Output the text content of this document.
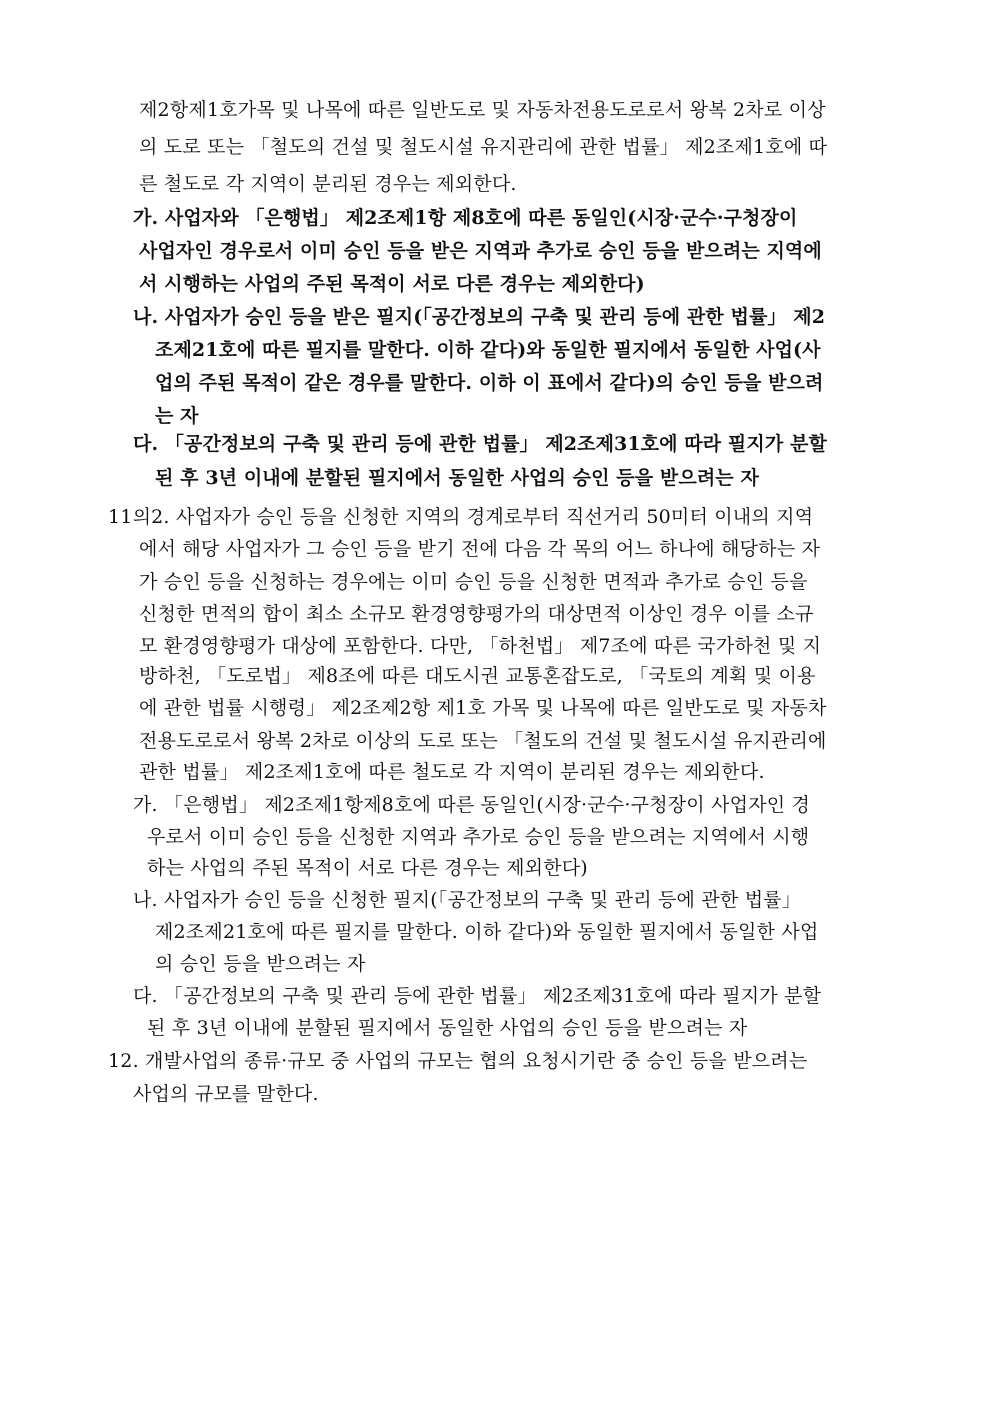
제2항제1호가목 및 나목에 따른 일반도로 및 자동차전용도로로서 왕복 2차로 이상
의 도로 또는 「철도의 건설 및 철도시설 유지관리에 관한 법률」 제2조제1호에 따
른 철도로 각 지역이 분리된 경우는 제외한다.
가. 사업자와 「은행법」 제2조제1항 제8호에 따른 동일인(시장·군수·구청장이
사업자인 경우로서 이미 승인 등을 받은 지역과 추가로 승인 등을 받으려는 지역에
서 시행하는 사업의 주된 목적이 서로 다른 경우는 제외한다)
나. 사업자가 승인 등을 받은 필지(「공간정보의 구축 및 관리 등에 관한 법률」 제2
조제21호에 따른 필지를 말한다. 이하 같다)와 동일한 필지에서 동일한 사업(사
업의 주된 목적이 같은 경우를 말한다. 이하 이 표에서 같다)의 승인 등을 받으려
는 자
다. 「공간정보의 구축 및 관리 등에 관한 법률」 제2조제31호에 따라 필지가 분할
된 후 3년 이내에 분할된 필지에서 동일한 사업의 승인 등을 받으려는 자
11의2. 사업자가 승인 등을 신청한 지역의 경계로부터 직선거리 50미터 이내의 지역
에서 해당 사업자가 그 승인 등을 받기 전에 다음 각 목의 어느 하나에 해당하는 자
가 승인 등을 신청하는 경우에는 이미 승인 등을 신청한 면적과 추가로 승인 등을
신청한 면적의 합이 최소 소규모 환경영향평가의 대상면적 이상인 경우 이를 소규
모 환경영향평가 대상에 포함한다. 다만, 「하천법」 제7조에 따른 국가하천 및 지
방하천, 「도로법」 제8조에 따른 대도시권 교통혼잡도로, 「국토의 계획 및 이용
에 관한 법률 시행령」 제2조제2항 제1호 가목 및 나목에 따른 일반도로 및 자동차
전용도로로서 왕복 2차로 이상의 도로 또는 「철도의 건설 및 철도시설 유지관리에
관한 법률」 제2조제1호에 따른 철도로 각 지역이 분리된 경우는 제외한다.
가. 「은행법」 제2조제1항제8호에 따른 동일인(시장·군수·구청장이 사업자인 경
우로서 이미 승인 등을 신청한 지역과 추가로 승인 등을 받으려는 지역에서 시행
하는 사업의 주된 목적이 서로 다른 경우는 제외한다)
나. 사업자가 승인 등을 신청한 필지(「공간정보의 구축 및 관리 등에 관한 법률」
제2조제21호에 따른 필지를 말한다. 이하 같다)와 동일한 필지에서 동일한 사업
의 승인 등을 받으려는 자
다. 「공간정보의 구축 및 관리 등에 관한 법률」 제2조제31호에 따라 필지가 분할
된 후 3년 이내에 분할된 필지에서 동일한 사업의 승인 등을 받으려는 자
12. 개발사업의 종류·규모 중 사업의 규모는 협의 요청시기란 중 승인 등을 받으려는
사업의 규모를 말한다.
